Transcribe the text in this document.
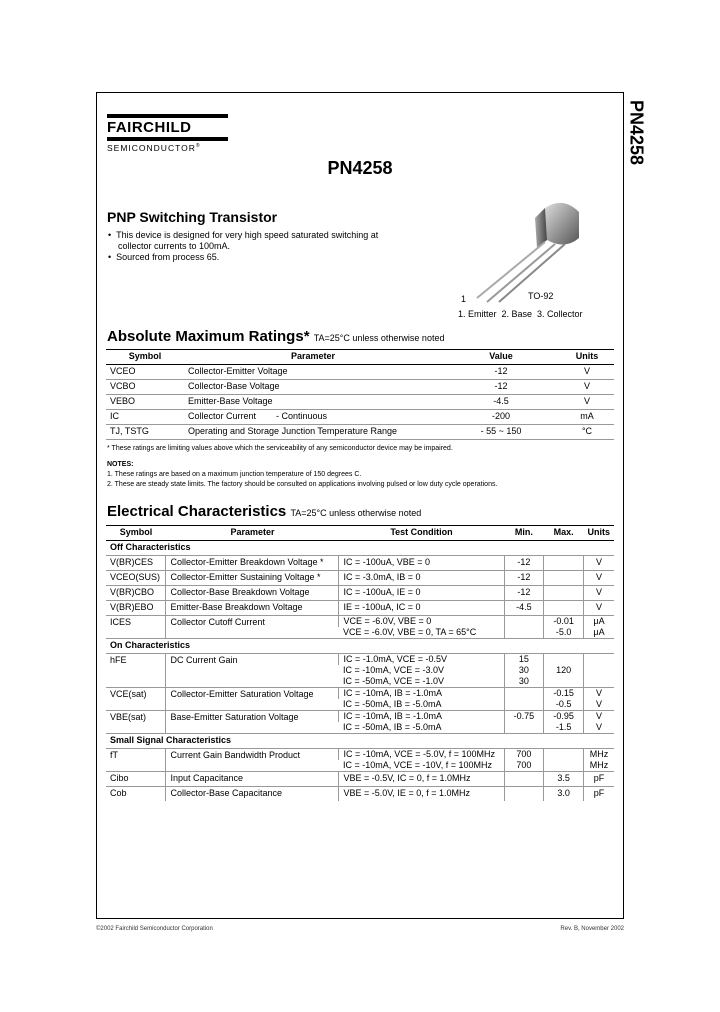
FAIRCHILD
SEMICONDUCTOR®	PN4258
PN4258
PNP Switching Transistor
•  This device is designed for very high speed saturated switching at collector currents to 100mA.
•  Sourced from process 65.
1	TO-92
1. Emitter  2. Base  3. Collector
Absolute Maximum Ratings* TA=25°C unless otherwise noted
Symbol	Parameter	Value	Units
VCEO	Collector-Emitter Voltage	-12	V
VCBO	Collector-Base Voltage	-12	V
VEBO	Emitter-Base Voltage	-4.5	V
IC	Collector Current        - Continuous	-200	mA
TJ, TSTG	Operating and Storage Junction Temperature Range	- 55 ~ 150	°C
* These ratings are limiting values above which the serviceability of any semiconductor device may be impaired.
NOTES:
1. These ratings are based on a maximum junction temperature of 150 degrees C.
2. These are steady state limits. The factory should be consulted on applications involving pulsed or low duty cycle operations.
Electrical Characteristics TA=25°C unless otherwise noted
Symbol	Parameter	Test Condition	Min.	Max.	Units
Off Characteristics					
V(BR)CES	Collector-Emitter Breakdown Voltage *	IC = -100uA, VBE = 0	-12		V
VCEO(SUS)	Collector-Emitter Sustaining Voltage *	IC = -3.0mA, IB = 0	-12		V
V(BR)CBO	Collector-Base Breakdown Voltage	IC = -100uA, IE = 0	-12		V
V(BR)EBO	Emitter-Base Breakdown Voltage	IE = -100uA, IC = 0	-4.5		V
ICES	Collector Cutoff Current	VCE = -6.0V, VBE = 0		-0.01	μA
		VCE = -6.0V, VBE = 0, TA = 65°C		-5.0	μA
On Characteristics					
hFE	DC Current Gain	IC = -1.0mA, VCE = -0.5V	15		
		IC = -10mA, VCE = -3.0V	30	120	
		IC = -50mA, VCE = -1.0V	30		
VCE(sat)	Collector-Emitter Saturation Voltage	IC = -10mA, IB = -1.0mA		-0.15	V
		IC = -50mA, IB = -5.0mA		-0.5	V
VBE(sat)	Base-Emitter Saturation Voltage	IC = -10mA, IB = -1.0mA	-0.75	-0.95	V
		IC = -50mA, IB = -5.0mA		-1.5	V
Small Signal Characteristics					
fT	Current Gain Bandwidth Product	IC = -10mA, VCE = -5.0V, f = 100MHz	700		MHz
		IC = -10mA, VCE = -10V, f = 100MHz	700		MHz
Cibo	Input Capacitance	VBE = -0.5V, IC = 0, f = 1.0MHz		3.5	pF
Cob	Collector-Base Capacitance	VBE = -5.0V, IE = 0, f = 1.0MHz		3.0	pF
©2002 Fairchild Semiconductor Corporation	Rev. B, November 2002
